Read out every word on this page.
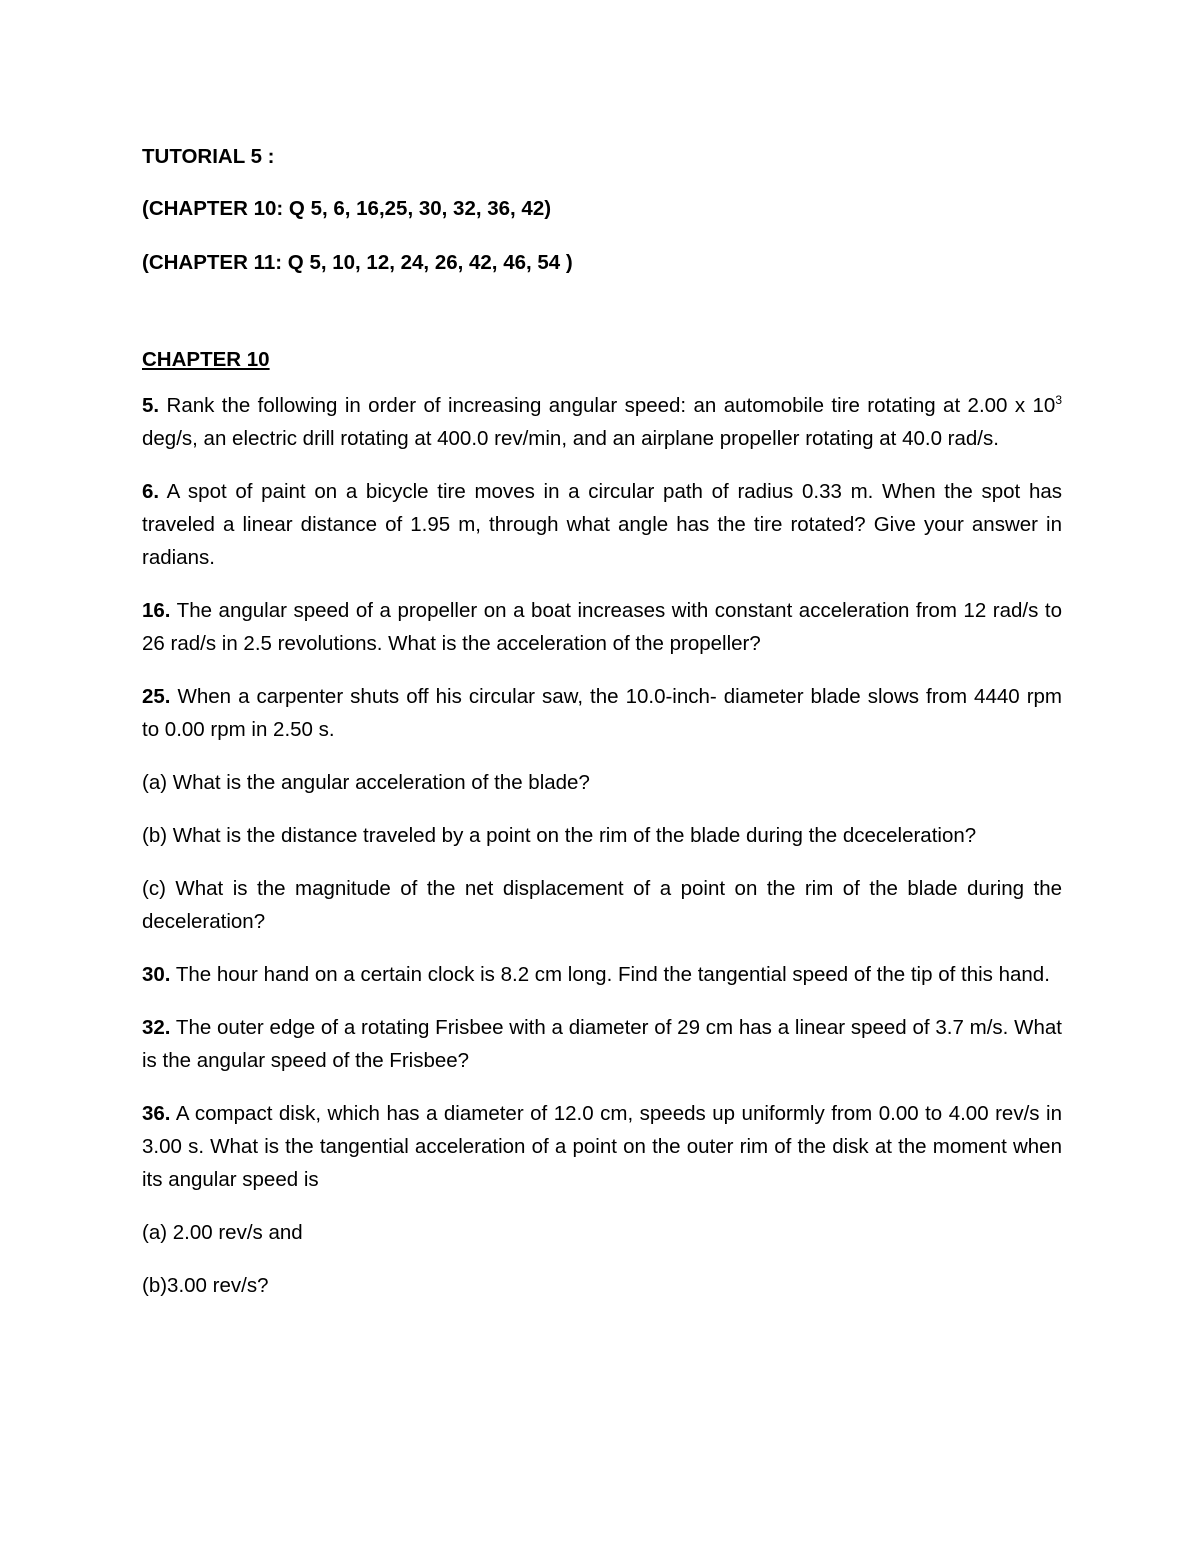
TUTORIAL 5 :

(CHAPTER 10: Q 5, 6, 16,25, 30, 32, 36, 42)

(CHAPTER 11: Q 5, 10, 12, 24, 26, 42, 46, 54 )

CHAPTER 10

5. Rank the following in order of increasing angular speed: an automobile tire rotating at 2.00 x $10^3$ deg/s, an electric drill rotating at 400.0 rev/min, and an airplane propeller rotating at 40.0 rad/s.

6. A spot of paint on a bicycle tire moves in a circular path of radius 0.33 m. When the spot has traveled a linear distance of 1.95 m, through what angle has the tire rotated? Give your answer in radians.

16. The angular speed of a propeller on a boat increases with constant acceleration from 12 rad/s to 26 rad/s in 2.5 revolutions. What is the acceleration of the propeller?

25. When a carpenter shuts off his circular saw, the 10.0-inch- diameter blade slows from 4440 rpm to 0.00 rpm in 2.50 s.

(a) What is the angular acceleration of the blade?

(b) What is the distance traveled by a point on the rim of the blade during the dceceleration?

(c) What is the magnitude of the net displacement of a point on the rim of the blade during the deceleration?

30. The hour hand on a certain clock is 8.2 cm long. Find the tangential speed of the tip of this hand.

32. The outer edge of a rotating Frisbee with a diameter of 29 cm has a linear speed of 3.7 m/s. What is the angular speed of the Frisbee?

36. A compact disk, which has a diameter of 12.0 cm, speeds up uniformly from 0.00 to 4.00 rev/s in 3.00 s. What is the tangential acceleration of a point on the outer rim of the disk at the moment when its angular speed is

(a) 2.00 rev/s and

(b)3.00 rev/s?
